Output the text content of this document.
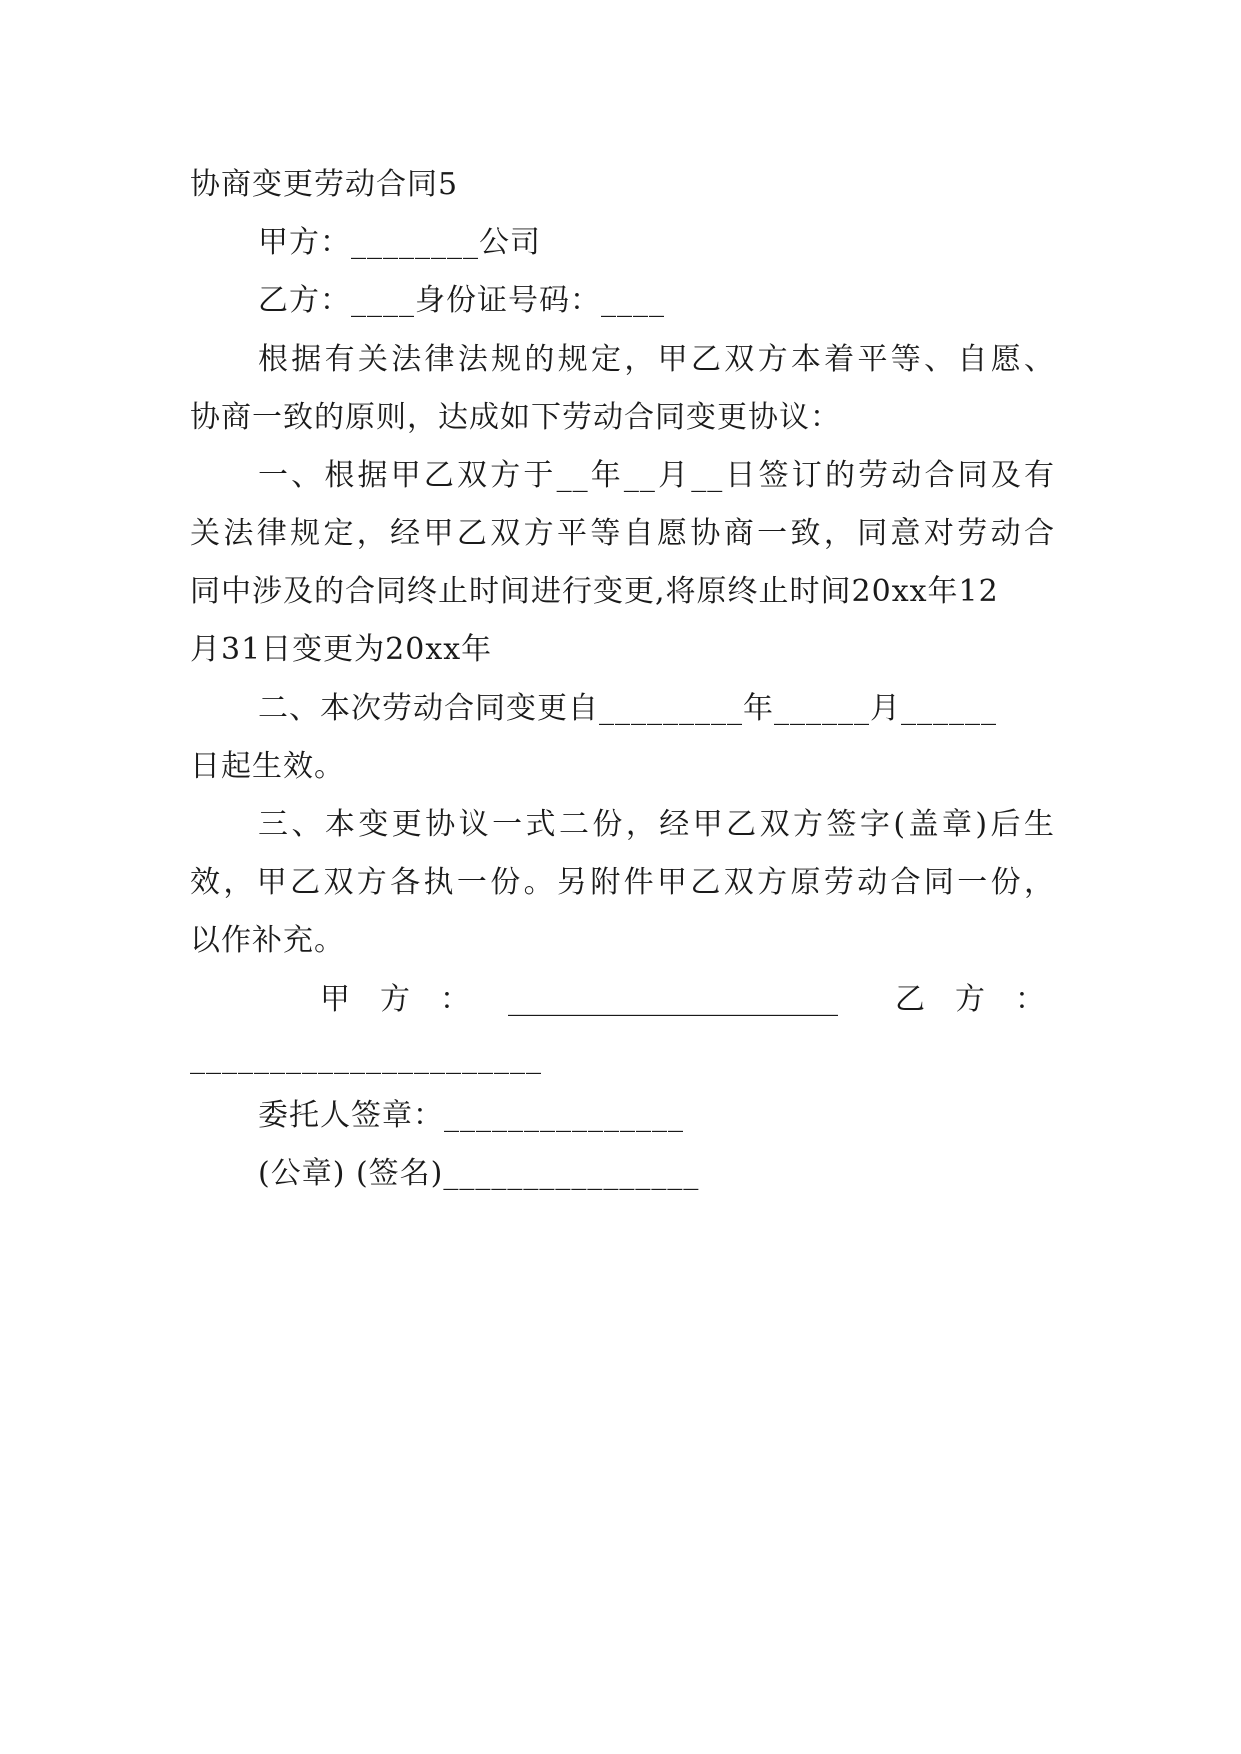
协商变更劳动合同5
甲方：________公司
乙方：____身份证号码：____
根据有关法律法规的规定，甲乙双方本着平等、自愿、
协商一致的原则，达成如下劳动合同变更协议：
一、根据甲乙双方于__年__月__日签订的劳动合同及有
关法律规定，经甲乙双方平等自愿协商一致，同意对劳动合
同中涉及的合同终止时间进行变更,将原终止时间20xx年12
月31日变更为20xx年
二、本次劳动合同变更自_________年______月______
日起生效。
三、本变更协议一式二份，经甲乙双方签字(盖章)后生
效，甲乙双方各执一份。另附件甲乙双方原劳动合同一份，
以作补充。
甲　方　： ______________________ 乙　方　：
______________________
委托人签章：_______________
(公章) (签名)________________
